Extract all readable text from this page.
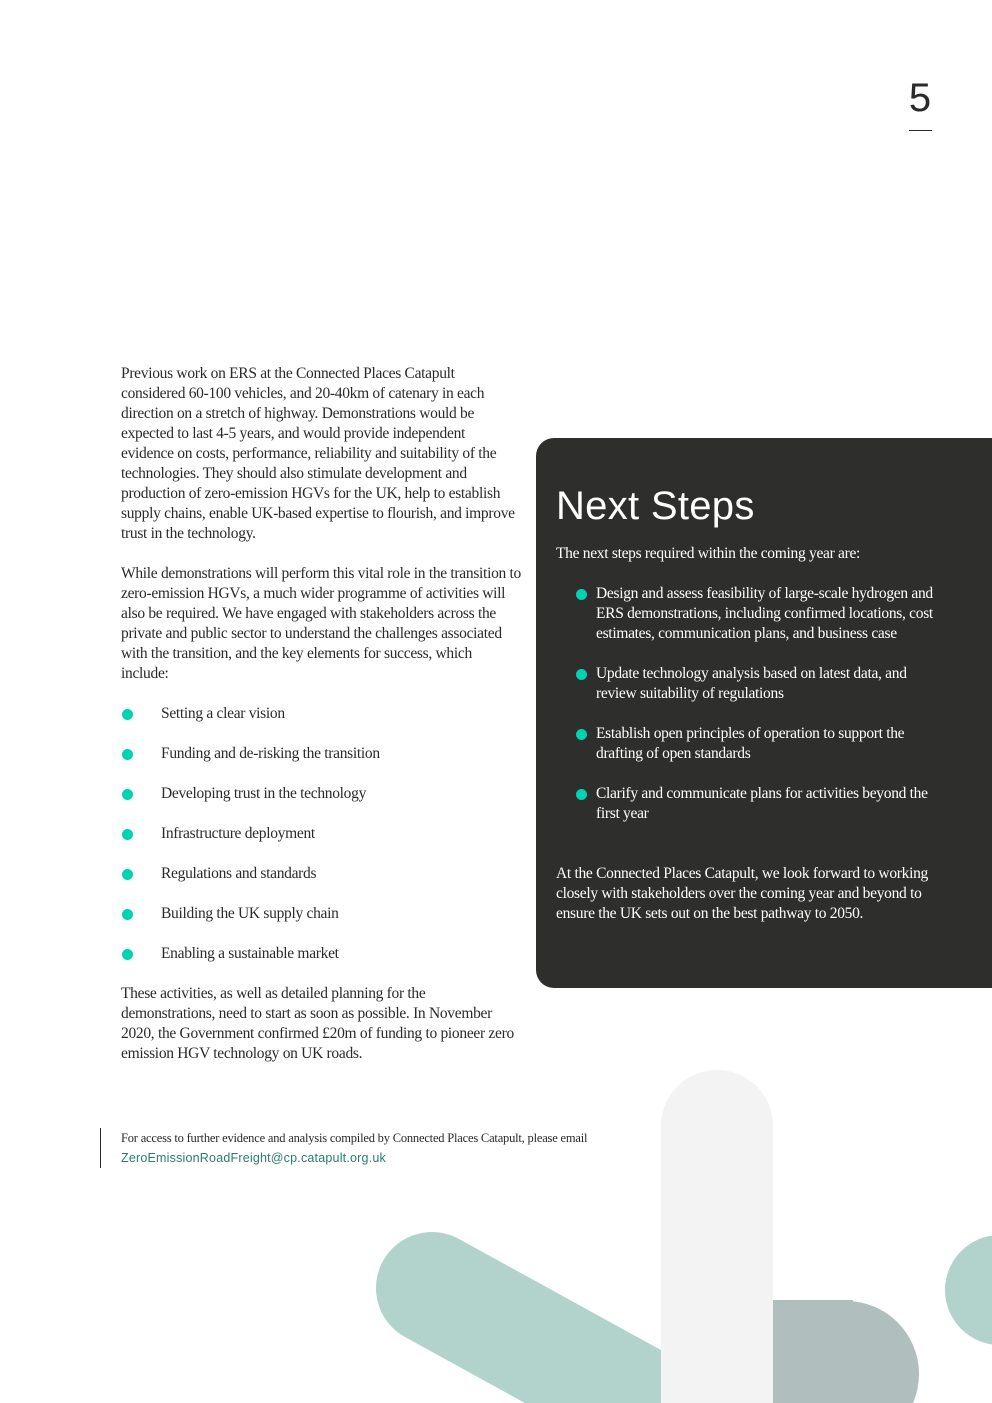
5

Previous work on ERS at the Connected Places Catapult considered 60-100 vehicles, and 20-40km of catenary in each direction on a stretch of highway. Demonstrations would be expected to last 4-5 years, and would provide independent evidence on costs, performance, reliability and suitability of the technologies. They should also stimulate development and production of zero-emission HGVs for the UK, help to establish supply chains, enable UK-based expertise to flourish, and improve trust in the technology.

While demonstrations will perform this vital role in the transition to zero-emission HGVs, a much wider programme of activities will also be required. We have engaged with stakeholders across the private and public sector to understand the challenges associated with the transition, and the key elements for success, which include:

Setting a clear vision
Funding and de-risking the transition
Developing trust in the technology
Infrastructure deployment
Regulations and standards
Building the UK supply chain
Enabling a sustainable market

These activities, as well as detailed planning for the demonstrations, need to start as soon as possible. In November 2020, the Government confirmed £20m of funding to pioneer zero emission HGV technology on UK roads.

For access to further evidence and analysis compiled by Connected Places Catapult, please email
ZeroEmissionRoadFreight@cp.catapult.org.uk
Next Steps

The next steps required within the coming year are:

Design and assess feasibility of large-scale hydrogen and ERS demonstrations, including confirmed locations, cost estimates, communication plans, and business case
Update technology analysis based on latest data, and review suitability of regulations
Establish open principles of operation to support the drafting of open standards
Clarify and communicate plans for activities beyond the first year

At the Connected Places Catapult, we look forward to working closely with stakeholders over the coming year and beyond to ensure the UK sets out on the best pathway to 2050.
